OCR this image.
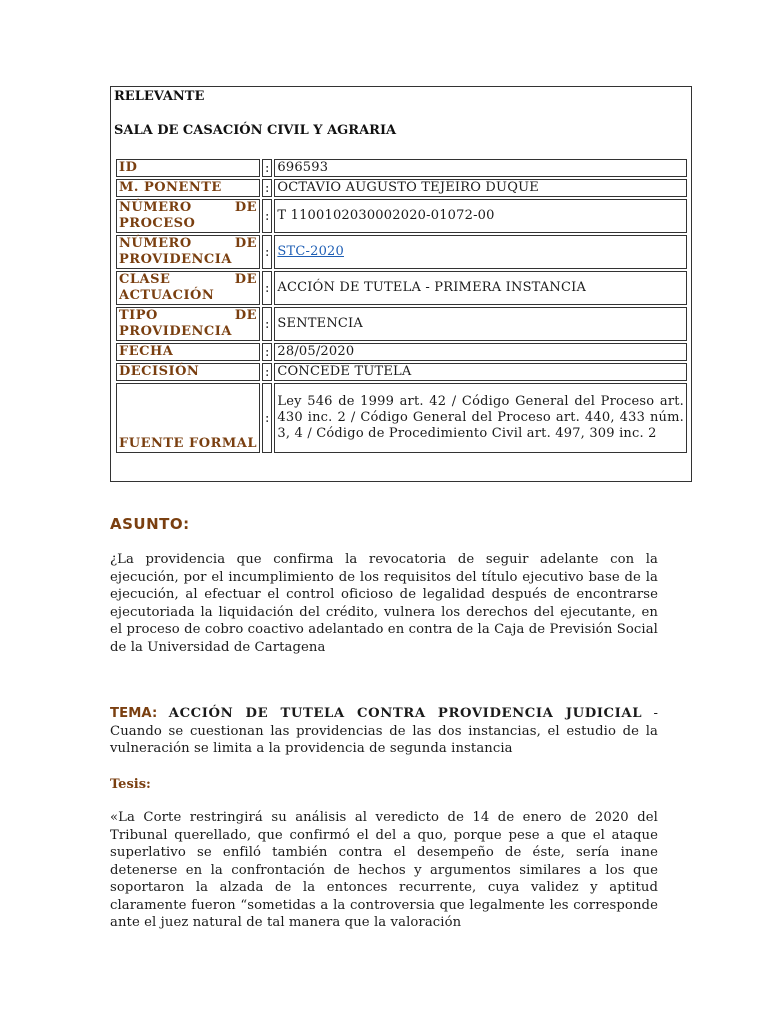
RELEVANTE
SALA DE CASACIÓN CIVIL Y AGRARIA
ID	:	696593
M. PONENTE	:	OCTAVIO AUGUSTO TEJEIRO DUQUE
NÚMERO DE PROCESO	:	T 1100102030002020-01072-00
NÚMERO DE PROVIDENCIA	:	STC-2020
CLASE DE ACTUACIÓN	:	ACCIÓN DE TUTELA - PRIMERA INSTANCIA
TIPO DE PROVIDENCIA	:	SENTENCIA
FECHA	:	28/05/2020
DECISIÓN	:	CONCEDE TUTELA
FUENTE FORMAL	:	Ley 546 de 1999 art. 42 / Código General del Proceso art. 430 inc. 2 / Código General del Proceso art. 440, 433 núm. 3, 4 / Código de Procedimiento Civil art. 497, 309 inc. 2
ASUNTO:
¿La providencia que confirma la revocatoria de seguir adelante con la ejecución, por el incumplimiento de los requisitos del título ejecutivo base de la ejecución, al efectuar el control oficioso de legalidad después de encontrarse ejecutoriada la liquidación del crédito, vulnera los derechos del ejecutante, en el proceso de cobro coactivo adelantado en contra de la Caja de Previsión Social de la Universidad de Cartagena
TEMA: ACCIÓN DE TUTELA CONTRA PROVIDENCIA JUDICIAL - Cuando se cuestionan las providencias de las dos instancias, el estudio de la vulneración se limita a la providencia de segunda instancia
Tesis:
«La Corte restringirá su análisis al veredicto de 14 de enero de 2020 del Tribunal querellado, que confirmó el del a quo, porque pese a que el ataque superlativo se enfiló también contra el desempeño de éste, sería inane detenerse en la confrontación de hechos y argumentos similares a los que soportaron la alzada de la entonces recurrente, cuya validez y aptitud claramente fueron “sometidas a la controversia que legalmente les corresponde ante el juez natural de tal manera que la valoración
